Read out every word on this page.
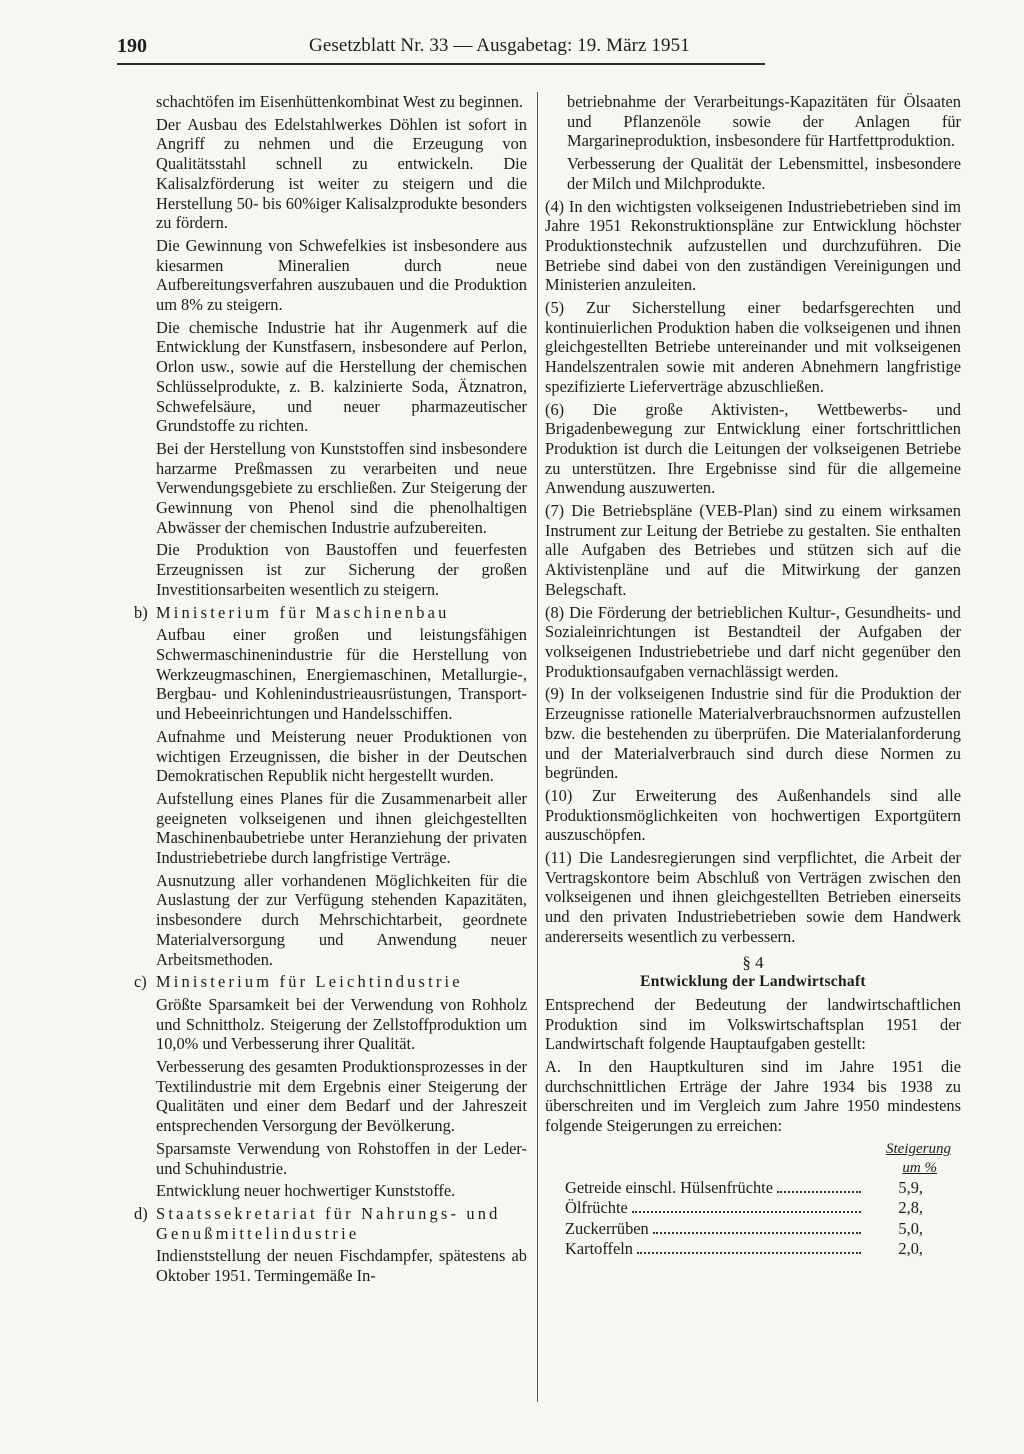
190	Gesetzblatt Nr. 33 — Ausgabetag: 19. März 1951

schachtöfen im Eisenhüttenkombinat West zu beginnen.

Der Ausbau des Edelstahlwerkes Döhlen ist sofort in Angriff zu nehmen und die Erzeugung von Qualitätsstahl schnell zu entwickeln. Die Kalisalzförderung ist weiter zu steigern und die Herstellung 50- bis 60%iger Kalisalzprodukte besonders zu fördern.

Die Gewinnung von Schwefelkies ist insbesondere aus kiesarmen Mineralien durch neue Aufbereitungsverfahren auszubauen und die Produktion um 8% zu steigern.

Die chemische Industrie hat ihr Augenmerk auf die Entwicklung der Kunstfasern, insbesondere auf Perlon, Orlon usw., sowie auf die Herstellung der chemischen Schlüsselprodukte, z. B. kalzinierte Soda, Ätznatron, Schwefelsäure, und neuer pharmazeutischer Grundstoffe zu richten.

Bei der Herstellung von Kunststoffen sind insbesondere harzarme Preßmassen zu verarbeiten und neue Verwendungsgebiete zu erschließen. Zur Steigerung der Gewinnung von Phenol sind die phenolhaltigen Abwässer der chemischen Industrie aufzubereiten.

Die Produktion von Baustoffen und feuerfesten Erzeugnissen ist zur Sicherung der großen Investitionsarbeiten wesentlich zu steigern.

b) Ministerium für Maschinenbau

Aufbau einer großen und leistungsfähigen Schwermaschinenindustrie für die Herstellung von Werkzeugmaschinen, Energiemaschinen, Metallurgie-, Bergbau- und Kohlenindustrieausrüstungen, Transport- und Hebeeinrichtungen und Handelsschiffen.

Aufnahme und Meisterung neuer Produktionen von wichtigen Erzeugnissen, die bisher in der Deutschen Demokratischen Republik nicht hergestellt wurden.

Aufstellung eines Planes für die Zusammenarbeit aller geeigneten volkseigenen und ihnen gleichgestellten Maschinenbaubetriebe unter Heranziehung der privaten Industriebetriebe durch langfristige Verträge.

Ausnutzung aller vorhandenen Möglichkeiten für die Auslastung der zur Verfügung stehenden Kapazitäten, insbesondere durch Mehrschichtarbeit, geordnete Materialversorgung und Anwendung neuer Arbeitsmethoden.

c) Ministerium für Leichtindustrie

Größte Sparsamkeit bei der Verwendung von Rohholz und Schnittholz. Steigerung der Zellstoffproduktion um 10,0% und Verbesserung ihrer Qualität.

Verbesserung des gesamten Produktionsprozesses in der Textilindustrie mit dem Ergebnis einer Steigerung der Qualitäten und einer dem Bedarf und der Jahreszeit entsprechenden Versorgung der Bevölkerung.

Sparsamste Verwendung von Rohstoffen in der Leder- und Schuhindustrie.

Entwicklung neuer hochwertiger Kunststoffe.

d) Staatssekretariat für Nahrungs- und Genußmittelindustrie

Indienststellung der neuen Fischdampfer, spätestens ab Oktober 1951. Termingemäße In-

betriebnahme der Verarbeitungs-Kapazitäten für Ölsaaten und Pflanzenöle sowie der Anlagen für Margarineproduktion, insbesondere für Hartfettproduktion.

Verbesserung der Qualität der Lebensmittel, insbesondere der Milch und Milchprodukte.

(4) In den wichtigsten volkseigenen Industriebetrieben sind im Jahre 1951 Rekonstruktionspläne zur Entwicklung höchster Produktionstechnik aufzustellen und durchzuführen. Die Betriebe sind dabei von den zuständigen Vereinigungen und Ministerien anzuleiten.

(5) Zur Sicherstellung einer bedarfsgerechten und kontinuierlichen Produktion haben die volkseigenen und ihnen gleichgestellten Betriebe untereinander und mit volkseigenen Handelszentralen sowie mit anderen Abnehmern langfristige spezifizierte Lieferverträge abzuschließen.

(6) Die große Aktivisten-, Wettbewerbs- und Brigadenbewegung zur Entwicklung einer fortschrittlichen Produktion ist durch die Leitungen der volkseigenen Betriebe zu unterstützen. Ihre Ergebnisse sind für die allgemeine Anwendung auszuwerten.

(7) Die Betriebspläne (VEB-Plan) sind zu einem wirksamen Instrument zur Leitung der Betriebe zu gestalten. Sie enthalten alle Aufgaben des Betriebes und stützen sich auf die Aktivistenpläne und auf die Mitwirkung der ganzen Belegschaft.

(8) Die Förderung der betrieblichen Kultur-, Gesundheits- und Sozialeinrichtungen ist Bestandteil der Aufgaben der volkseigenen Industriebetriebe und darf nicht gegenüber den Produktionsaufgaben vernachlässigt werden.

(9) In der volkseigenen Industrie sind für die Produktion der Erzeugnisse rationelle Materialverbrauchsnormen aufzustellen bzw. die bestehenden zu überprüfen. Die Materialanforderung und der Materialverbrauch sind durch diese Normen zu begründen.

(10) Zur Erweiterung des Außenhandels sind alle Produktionsmöglichkeiten von hochwertigen Exportgütern auszuschöpfen.

(11) Die Landesregierungen sind verpflichtet, die Arbeit der Vertragskontore beim Abschluß von Verträgen zwischen den volkseigenen und ihnen gleichgestellten Betrieben einerseits und den privaten Industriebetrieben sowie dem Handwerk andererseits wesentlich zu verbessern.

§ 4
Entwicklung der Landwirtschaft

Entsprechend der Bedeutung der landwirtschaftlichen Produktion sind im Volkswirtschaftsplan 1951 der Landwirtschaft folgende Hauptaufgaben gestellt:

A. In den Hauptkulturen sind im Jahre 1951 die durchschnittlichen Erträge der Jahre 1934 bis 1938 zu überschreiten und im Vergleich zum Jahre 1950 mindestens folgende Steigerungen zu erreichen:

Steigerung
um %
Getreide einschl. Hülsenfrüchte	5,9,
Ölfrüchte	2,8,
Zuckerrüben	5,0,
Kartoffeln	2,0,
